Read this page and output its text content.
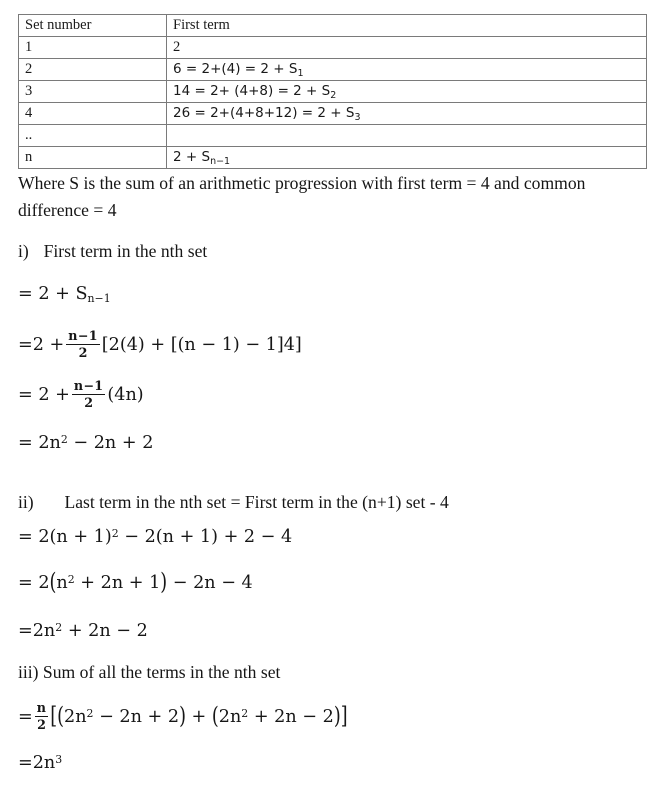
Set number	First term
1	2
2	$6 = 2+(4) = 2 + S_1$
3	$14 = 2+ (4+8) = 2 + S_2$
4	$26 = 2+(4+8+12) = 2 + S_3$
..	
n	$2 + S_{n-1}$
Where S is the sum of an arithmetic progression with first term = 4 and common difference = 4
i) First term in the nth set
= $2 + S_{n-1}$
$=2 + \frac{n-1}{2} [2(4) + [(n - 1) - 1]4]$
= $2 + \frac{n-1}{2} (4n)$
= $2n^2 - 2n + 2$
ii) Last term in the nth set = First term in the (n+1) set - 4
= $2(n + 1)^2 - 2(n + 1) + 2 - 4$
= $2(n^2 + 2n + 1) - 2n - 4$
$=2n^2 + 2n - 2$
iii) Sum of all the terms in the nth set
= $\frac{n}{2} [(2n^2 - 2n + 2) + (2n^2 + 2n - 2)]$
$=2n^3$
